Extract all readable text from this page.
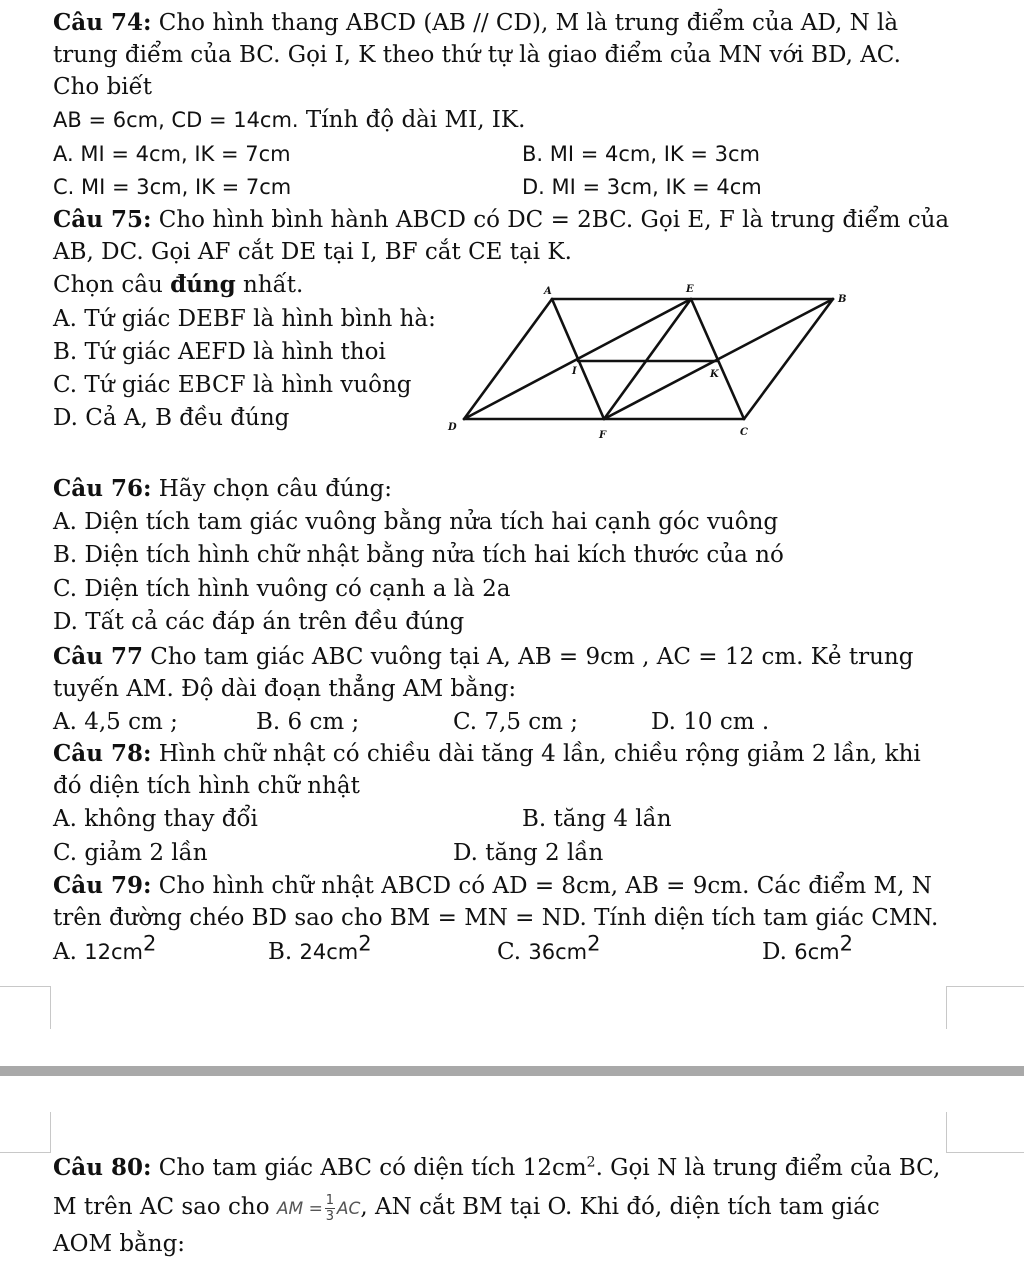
Câu 74: Cho hình thang ABCD (AB // CD), M là trung điểm của AD, N là
trung điểm của BC. Gọi I, K theo thứ tự là giao điểm của MN với BD, AC.
Cho biết
AB = 6cm, CD = 14cm. Tính độ dài MI, IK.
A. MI = 4cm, IK = 7cm	B. MI = 4cm, IK = 3cm
C. MI = 3cm, IK = 7cm	D. MI = 3cm, IK = 4cm
Câu 75: Cho hình bình hành ABCD có DC = 2BC. Gọi E, F là trung điểm của
AB, DC. Gọi AF cắt DE tại I, BF cắt CE tại K.
Chọn câu đúng nhất.
A. Tứ giác DEBF là hình bình hà:
B. Tứ giác AEFD là hình thoi
C. Tứ giác EBCF là hình vuông
D. Cả A, B đều đúng
A	E
B
I	K
D
F	C
Câu 76: Hãy chọn câu đúng:
A. Diện tích tam giác vuông bằng nửa tích hai cạnh góc vuông
B. Diện tích hình chữ nhật bằng nửa tích hai kích thước của nó
C. Diện tích hình vuông có cạnh a là 2a
D. Tất cả các đáp án trên đều đúng
Câu 77 Cho tam giác ABC vuông tại A, AB = 9cm , AC = 12 cm. Kẻ trung
tuyến AM. Độ dài đoạn thẳng AM bằng:
A. 4,5 cm ;	B. 6 cm ;	C. 7,5 cm ;	D. 10 cm .
Câu 78: Hình chữ nhật có chiều dài tăng 4 lần, chiều rộng giảm 2 lần, khi
đó diện tích hình chữ nhật
A. không thay đổi	B. tăng 4 lần
C. giảm 2 lần	D. tăng 2 lần
Câu 79: Cho hình chữ nhật ABCD có AD = 8cm, AB = 9cm. Các điểm M, N
trên đường chéo BD sao cho BM = MN = ND. Tính diện tích tam giác CMN.
A. $12cm^2$	B. $24cm^2$	C. $36cm^2$	D. $6cm^2$
Câu 80: Cho tam giác ABC có diện tích $12cm^2$. Gọi N là trung điểm của BC,
M trên AC sao cho AM = $\frac{1}{3}$ AC, AN cắt BM tại O. Khi đó, diện tích tam giác
AOM bằng:
